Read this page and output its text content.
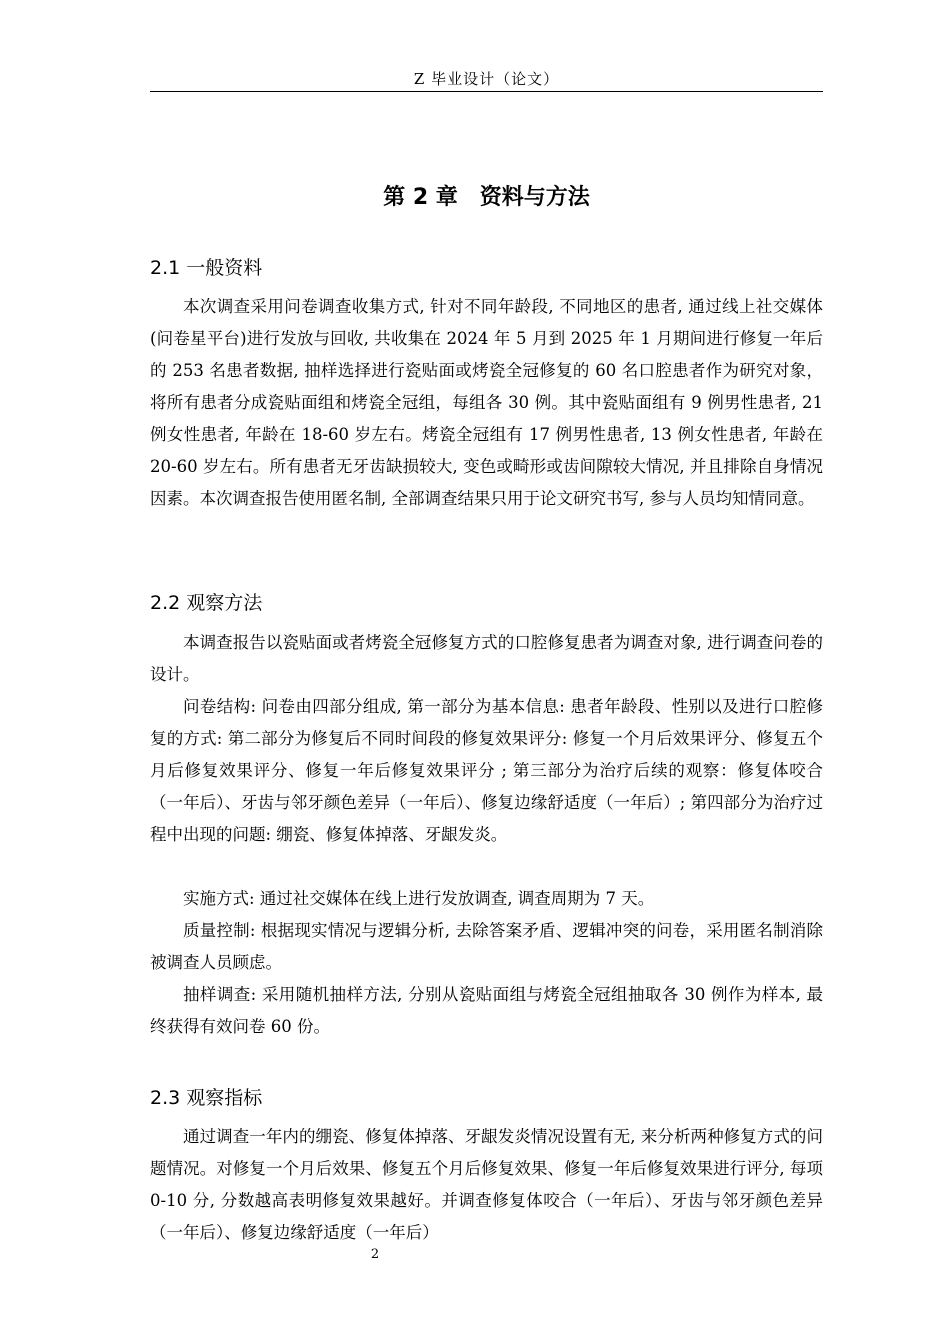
Z 毕业设计（论文）
第 2 章　资料与方法
2.1 一般资料
本次调查采用问卷调查收集方式, 针对不同年龄段, 不同地区的患者, 通过线上社交媒体(问卷星平台)进行发放与回收, 共收集在 2024 年 5 月到 2025 年 1 月期间进行修复一年后的 253 名患者数据, 抽样选择进行瓷贴面或烤瓷全冠修复的 60 名口腔患者作为研究对象，将所有患者分成瓷贴面组和烤瓷全冠组，每组各 30 例。其中瓷贴面组有 9 例男性患者, 21 例女性患者, 年龄在 18-60 岁左右。烤瓷全冠组有 17 例男性患者, 13 例女性患者, 年龄在 20-60 岁左右。所有患者无牙齿缺损较大, 变色或畸形或齿间隙较大情况, 并且排除自身情况因素。本次调查报告使用匿名制, 全部调查结果只用于论文研究书写, 参与人员均知情同意。
2.2 观察方法
本调查报告以瓷贴面或者烤瓷全冠修复方式的口腔修复患者为调查对象, 进行调查问卷的设计。
问卷结构: 问卷由四部分组成, 第一部分为基本信息: 患者年龄段、性别以及进行口腔修复的方式: 第二部分为修复后不同时间段的修复效果评分: 修复一个月后效果评分、修复五个月后修复效果评分、修复一年后修复效果评分 ; 第三部分为治疗后续的观察：修复体咬合（一年后）、牙齿与邻牙颜色差异（一年后）、修复边缘舒适度（一年后）; 第四部分为治疗过程中出现的问题: 绷瓷、修复体掉落、牙龈发炎。
实施方式: 通过社交媒体在线上进行发放调查, 调查周期为 7 天。
质量控制: 根据现实情况与逻辑分析, 去除答案矛盾、逻辑冲突的问卷，采用匿名制消除被调查人员顾虑。
抽样调查: 采用随机抽样方法, 分别从瓷贴面组与烤瓷全冠组抽取各 30 例作为样本, 最终获得有效问卷 60 份。
2.3 观察指标
通过调查一年内的绷瓷、修复体掉落、牙龈发炎情况设置有无, 来分析两种修复方式的问题情况。对修复一个月后效果、修复五个月后修复效果、修复一年后修复效果进行评分, 每项 0-10 分, 分数越高表明修复效果越好。并调查修复体咬合（一年后）、牙齿与邻牙颜色差异（一年后）、修复边缘舒适度（一年后）
2
